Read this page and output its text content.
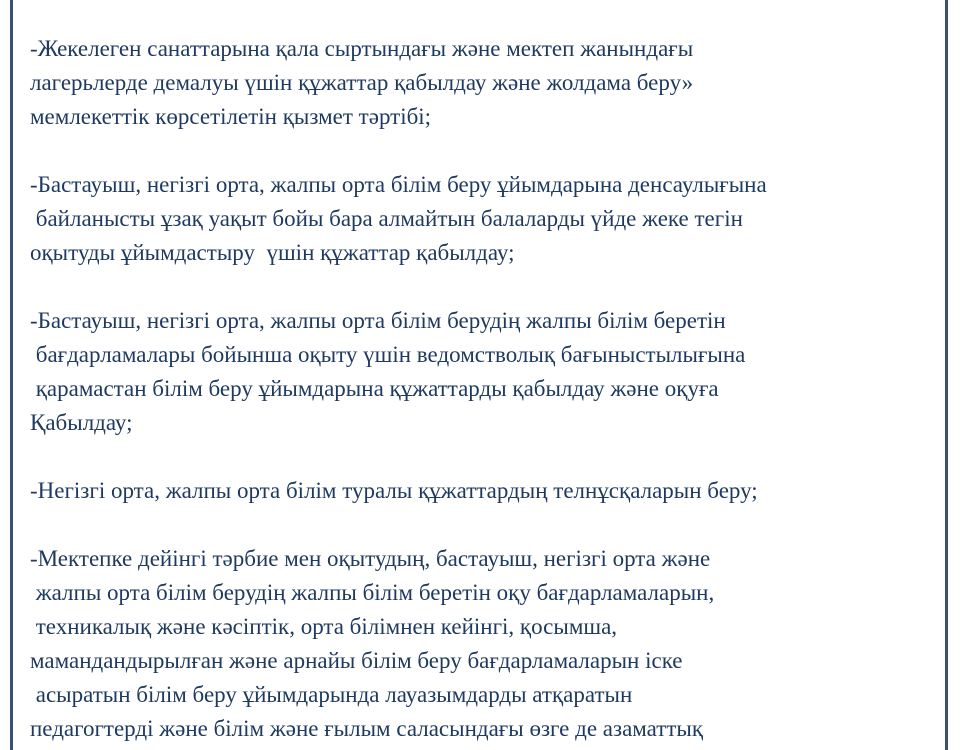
-Жекелеген санаттарына қала сыртындағы және мектеп жанындағы
лагерьлерде демалуы үшін құжаттар қабылдау және жолдама беру»
мемлекеттік көрсетілетін қызмет тәртібі;
-Бастауыш, негізгі орта, жалпы орта білім беру ұйымдарына денсаулығына
байланысты ұзақ уақыт бойы бара алмайтын балаларды үйде жеке тегін
оқытуды ұйымдастыру  үшін құжаттар қабылдау;
-Бастауыш, негізгі орта, жалпы орта білім берудің жалпы білім беретін
бағдарламалары бойынша оқыту үшін ведомстволық бағыныстылығына
қарамастан білім беру ұйымдарына құжаттарды қабылдау және оқуға
Қабылдау;
-Негізгі орта, жалпы орта білім туралы құжаттардың телнұсқаларын беру;
-Мектепке дейінгі тәрбие мен оқытудың, бастауыш, негізгі орта және
жалпы орта білім берудің жалпы білім беретін оқу бағдарламаларын,
техникалық және кәсіптік, орта білімнен кейінгі, қосымша,
мамандандырылған және арнайы білім беру бағдарламаларын іске
асыратын білім беру ұйымдарында лауазымдарды атқаратын
педагогтерді және білім және ғылым саласындағы өзге де азаматтық
